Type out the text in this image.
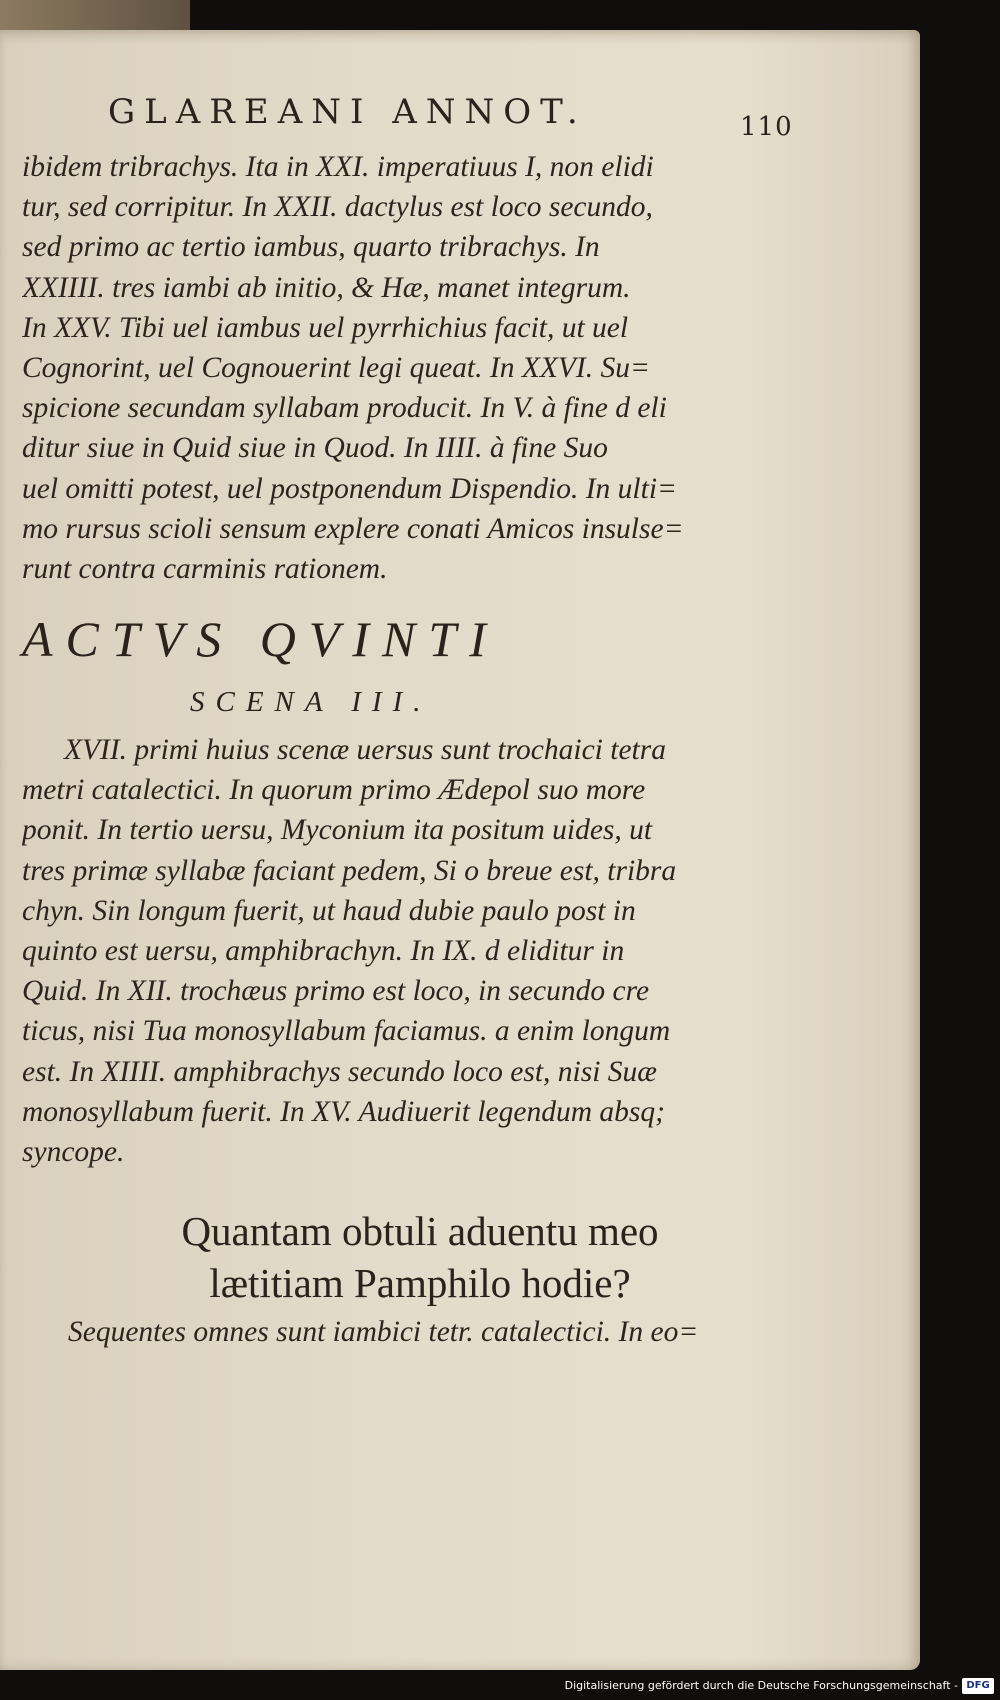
GLAREANI ANNOT.	110
ibidem tribrachys. Ita in XXI. imperatiuus I, non elidi
tur, sed corripitur. In XXII. dactylus est loco secundo,
sed primo ac tertio iambus, quarto tribrachys. In
XXIIII. tres iambi ab initio, & Hæ, manet integrum.
In XXV. Tibi uel iambus uel pyrrhichius facit, ut uel
Cognorint, uel Cognouerint legi queat. In XXVI. Su=
spicione secundam syllabam producit. In V. à fine d eli
ditur siue in Quid siue in Quod. In IIII. à fine Suo
uel omitti potest, uel postponendum Dispendio. In ulti=
mo rursus scioli sensum explere conati Amicos insulse=
runt contra carminis rationem.
ACTVS QVINTI
SCENA III.
XVII. primi huius scenæ uersus sunt trochaici tetra
metri catalectici. In quorum primo Ædepol suo more
ponit. In tertio uersu, Myconium ita positum uides, ut
tres primæ syllabæ faciant pedem, Si o breue est, tribra
chyn. Sin longum fuerit, ut haud dubie paulo post in
quinto est uersu, amphibrachyn. In IX. d eliditur in
Quid. In XII. trochæus primo est loco, in secundo cre
ticus, nisi Tua monosyllabum faciamus. a enim longum
est. In XIIII. amphibrachys secundo loco est, nisi Suæ
monosyllabum fuerit. In XV. Audiuerit legendum absq;
syncope.
Quantam obtuli aduentu meo
lætitiam Pamphilo hodie?
Sequentes omnes sunt iambici tetr. catalectici. In eo=
Digitalisierung gefördert durch die Deutsche Forschungsgemeinschaft - DFG
